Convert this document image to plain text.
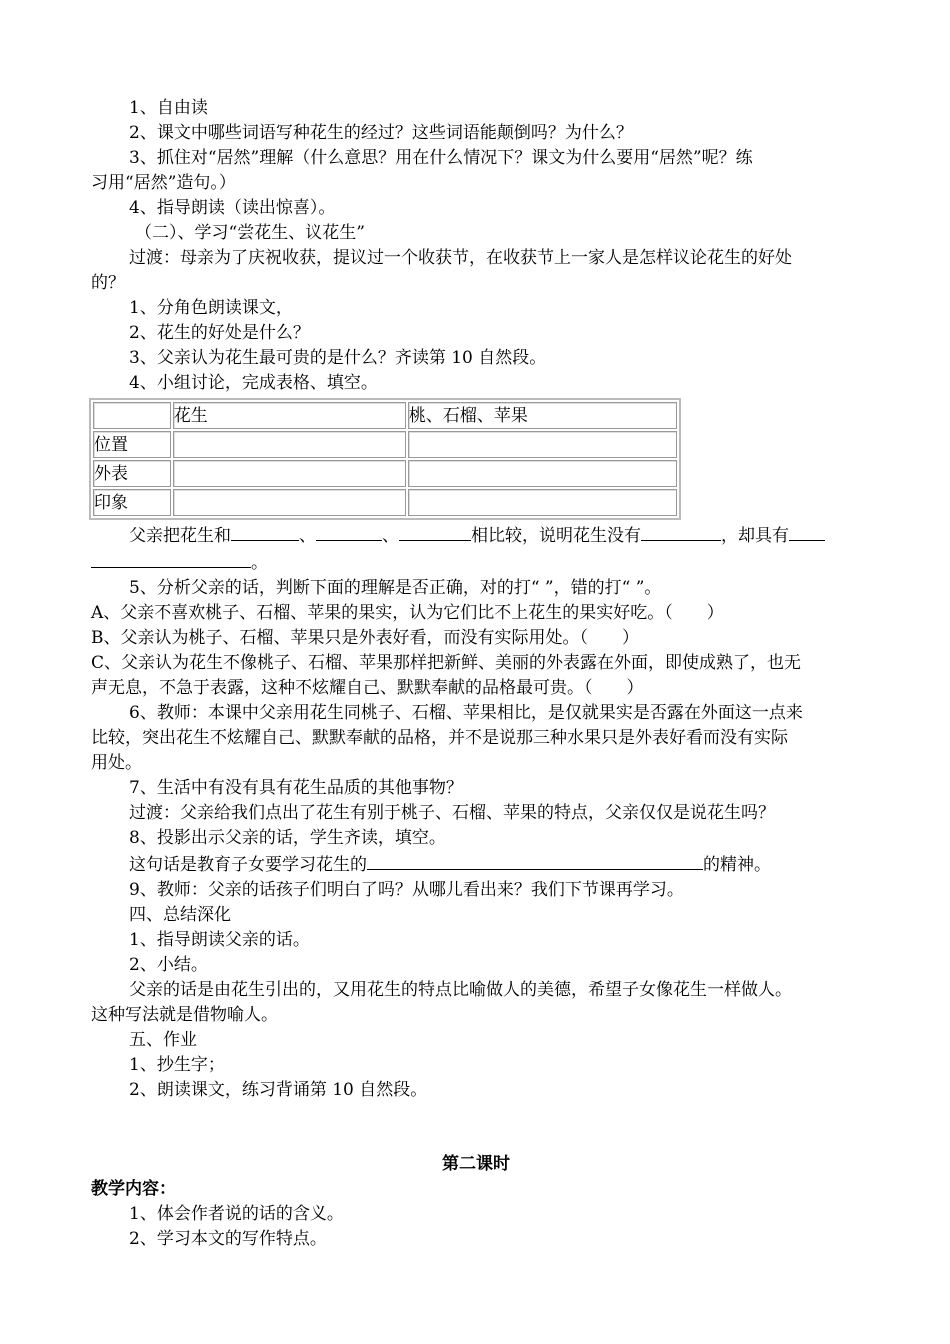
1、自由读
2、课文中哪些词语写种花生的经过？这些词语能颠倒吗？为什么？
3、抓住对“居然”理解（什么意思？用在什么情况下？课文为什么要用“居然”呢？练
习用“居然”造句。）
4、指导朗读（读出惊喜）。
（二）、学习“尝花生、议花生”
过渡：母亲为了庆祝收获，提议过一个收获节，在收获节上一家人是怎样议论花生的好处
的？
1、分角色朗读课文，
2、花生的好处是什么？
3、父亲认为花生最可贵的是什么？齐读第 10 自然段。
4、小组讨论，完成表格、填空。
	花生	桃、石榴、苹果
位置		
外表		
印象		
父亲把花生和	、	、	相比较，说明花生没有	，却具有
。
5、分析父亲的话，判断下面的理解是否正确，对的打“ ”，错的打“ ”。
A、父亲不喜欢桃子、石榴、苹果的果实，认为它们比不上花生的果实好吃。（　　）
B、父亲认为桃子、石榴、苹果只是外表好看，而没有实际用处。（　　）
C、父亲认为花生不像桃子、石榴、苹果那样把新鲜、美丽的外表露在外面，即使成熟了，也无
声无息，不急于表露，这种不炫耀自己、默默奉献的品格最可贵。（　　）
6、教师：本课中父亲用花生同桃子、石榴、苹果相比，是仅就果实是否露在外面这一点来
比较，突出花生不炫耀自己、默默奉献的品格，并不是说那三种水果只是外表好看而没有实际
用处。
7、生活中有没有具有花生品质的其他事物？
过渡：父亲给我们点出了花生有别于桃子、石榴、苹果的特点，父亲仅仅是说花生吗？
8、投影出示父亲的话，学生齐读，填空。
这句话是教育子女要学习花生的	的精神。
9、教师：父亲的话孩子们明白了吗？从哪儿看出来？我们下节课再学习。
四、总结深化
1、指导朗读父亲的话。
2、小结。
父亲的话是由花生引出的，又用花生的特点比喻做人的美德，希望子女像花生一样做人。
这种写法就是借物喻人。
五、作业
1、抄生字；
2、朗读课文，练习背诵第 10 自然段。
第二课时
教学内容：
1、体会作者说的话的含义。
2、学习本文的写作特点。
